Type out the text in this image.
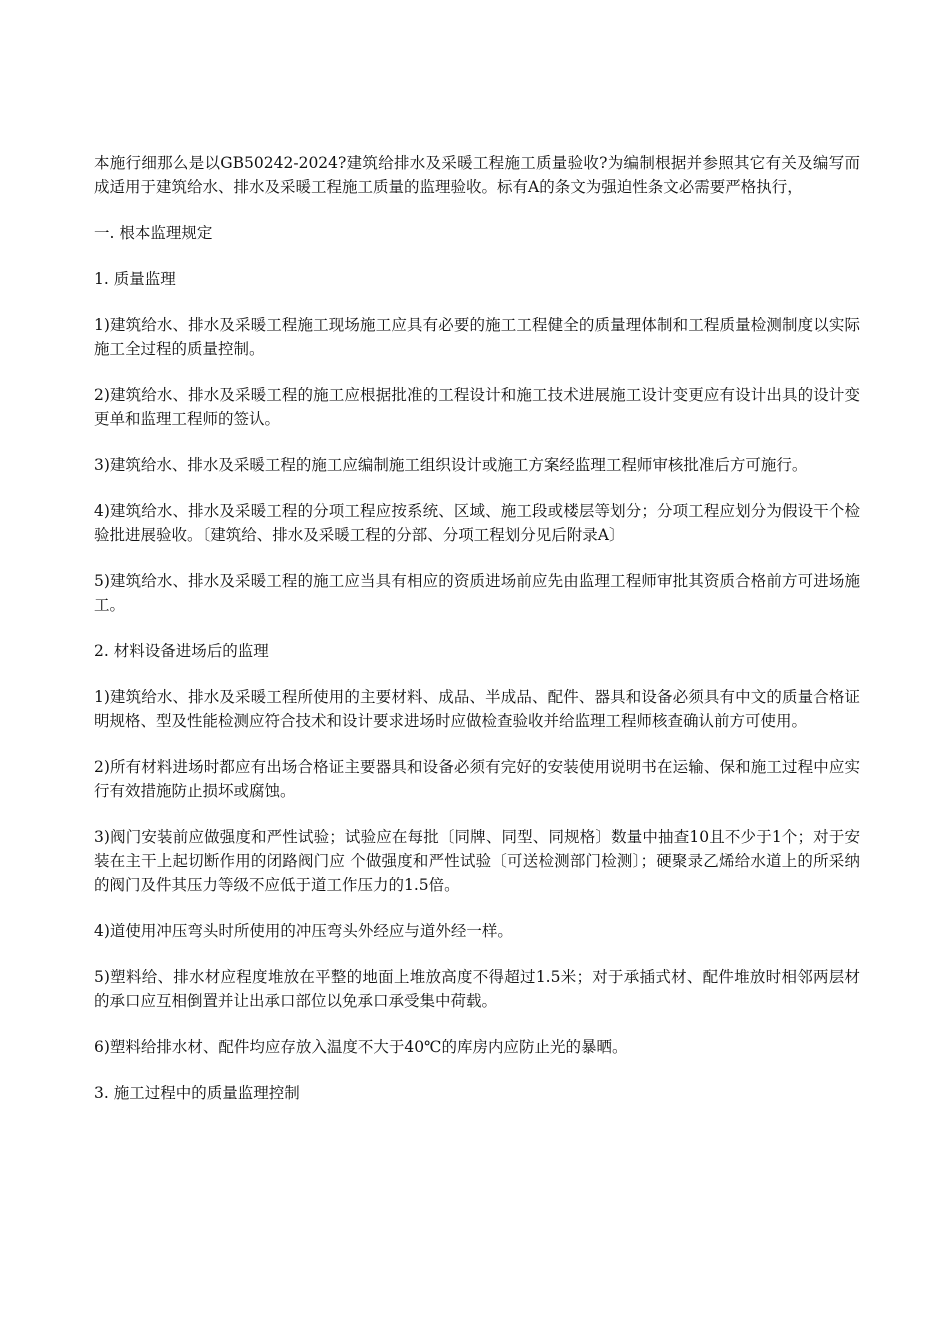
本施行细那么是以GB50242-2024?建筑给排水及采暖工程施工质量验收?为编制根据并参照其它有关及编写而成适用于建筑给水、排水及采暖工程施工质量的监理验收。标有A的条文为强迫性条文必需要严格执行，

一. 根本监理规定

1. 质量监理

1)建筑给水、排水及采暖工程施工现场施工应具有必要的施工工程健全的质量理体制和工程质量检测制度以实际施工全过程的质量控制。

2)建筑给水、排水及采暖工程的施工应根据批准的工程设计和施工技术进展施工设计变更应有设计出具的设计变更单和监理工程师的签认。

3)建筑给水、排水及采暖工程的施工应编制施工组织设计或施工方案经监理工程师审核批准后方可施行。

4)建筑给水、排水及采暖工程的分项工程应按系统、区域、施工段或楼层等划分；分项工程应划分为假设干个检验批进展验收。〔建筑给、排水及采暖工程的分部、分项工程划分见后附录A〕

5)建筑给水、排水及采暖工程的施工应当具有相应的资质进场前应先由监理工程师审批其资质合格前方可进场施工。

2. 材料设备进场后的监理

1)建筑给水、排水及采暖工程所使用的主要材料、成品、半成品、配件、器具和设备必须具有中文的质量合格证明规格、型及性能检测应符合技术和设计要求进场时应做检查验收并给监理工程师核查确认前方可使用。

2)所有材料进场时都应有出场合格证主要器具和设备必须有完好的安装使用说明书在运输、保和施工过程中应实行有效措施防止损坏或腐蚀。

3)阀门安装前应做强度和严性试验；试验应在每批〔同牌、同型、同规格〕数量中抽查10且不少于1个；对于安装在主干上起切断作用的闭路阀门应 个做强度和严性试验〔可送检测部门检测〕；硬聚录乙烯给水道上的所采纳的阀门及件其压力等级不应低于道工作压力的1.5倍。

4)道使用冲压弯头时所使用的冲压弯头外经应与道外经一样。

5)塑料给、排水材应程度堆放在平整的地面上堆放高度不得超过1.5米；对于承插式材、配件堆放时相邻两层材的承口应互相倒置并让出承口部位以免承口承受集中荷载。

6)塑料给排水材、配件均应存放入温度不大于40℃的库房内应防止光的暴晒。

3. 施工过程中的质量监理控制
